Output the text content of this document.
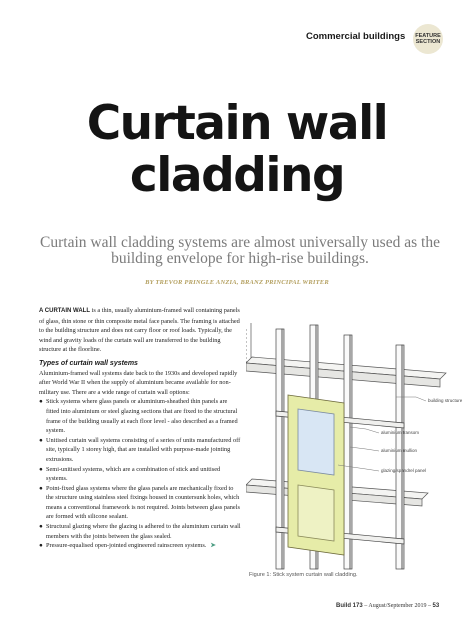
Commercial buildings FEATURE
SECTION
Curtain wall
cladding

Curtain wall cladding systems are almost universally used as the building envelope for high-rise buildings.

BY TREVOR PRINGLE ANZIA, BRANZ PRINCIPAL WRITER

A CURTAIN WALL is a thin, usually aluminium-framed wall containing panels of glass, thin stone or thin composite metal face panels. The framing is attached to the building structure and does not carry floor or roof loads. Typically, the wind and gravity loads of the curtain wall are transferred to the building structure at the floorline.

Types of curtain wall systems

Aluminium-framed wall systems date back to the 1930s and developed rapidly after World War II when the supply of aluminium became available for non-military use. There are a wide range of curtain wall options:

● Stick systems where glass panels or aluminium-sheathed thin panels are fitted into aluminium or steel glazing sections that are fixed to the structural frame of the building usually at each floor level - also described as a framed system.
● Unitised curtain wall systems consisting of a series of units manufactured off site, typically 1 storey high, that are installed with purpose-made jointing extrusions.
● Semi-unitised systems, which are a combination of stick and unitised systems.
● Point-fixed glass systems where the glass panels are mechanically fixed to the structure using stainless steel fixings housed in countersunk holes, which means a conventional framework is not required. Joints between glass panels are formed with silicone sealant.
● Structural glazing where the glazing is adhered to the aluminium curtain wall members with the joints between the glass sealed.
● Pressure-equalised open-jointed engineered rainscreen systems. ➤
building structure
aluminium transom
aluminium mullion
glazing/spandrel panel
Figure 1: Stick system curtain wall cladding.
Build 173 – August/September 2019 – 53
